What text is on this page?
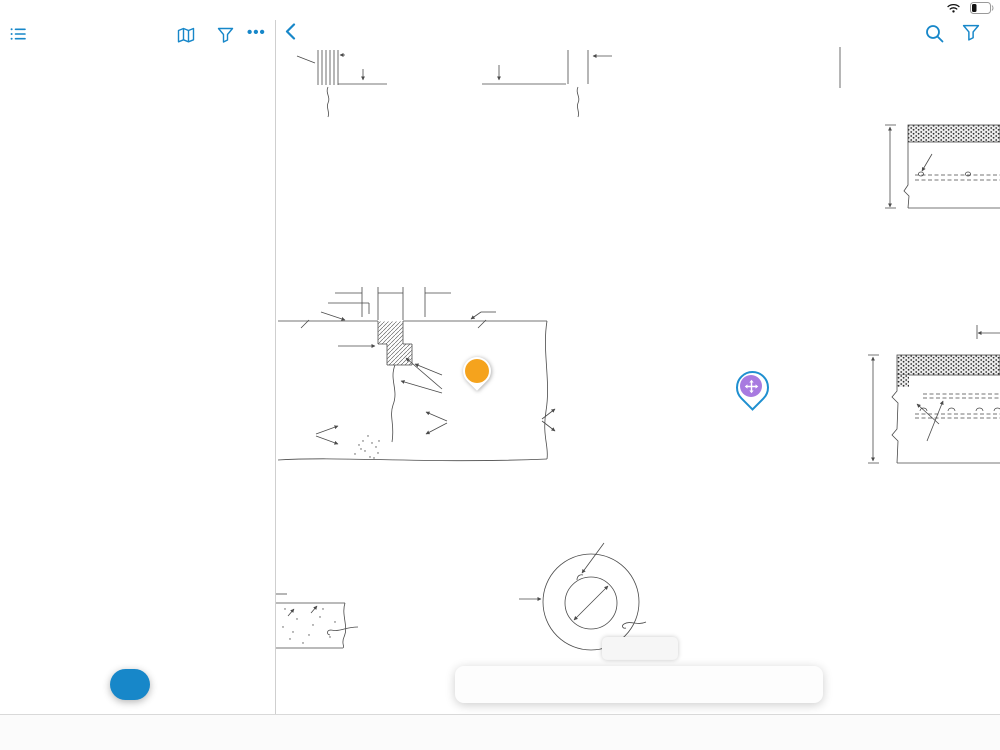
•••
